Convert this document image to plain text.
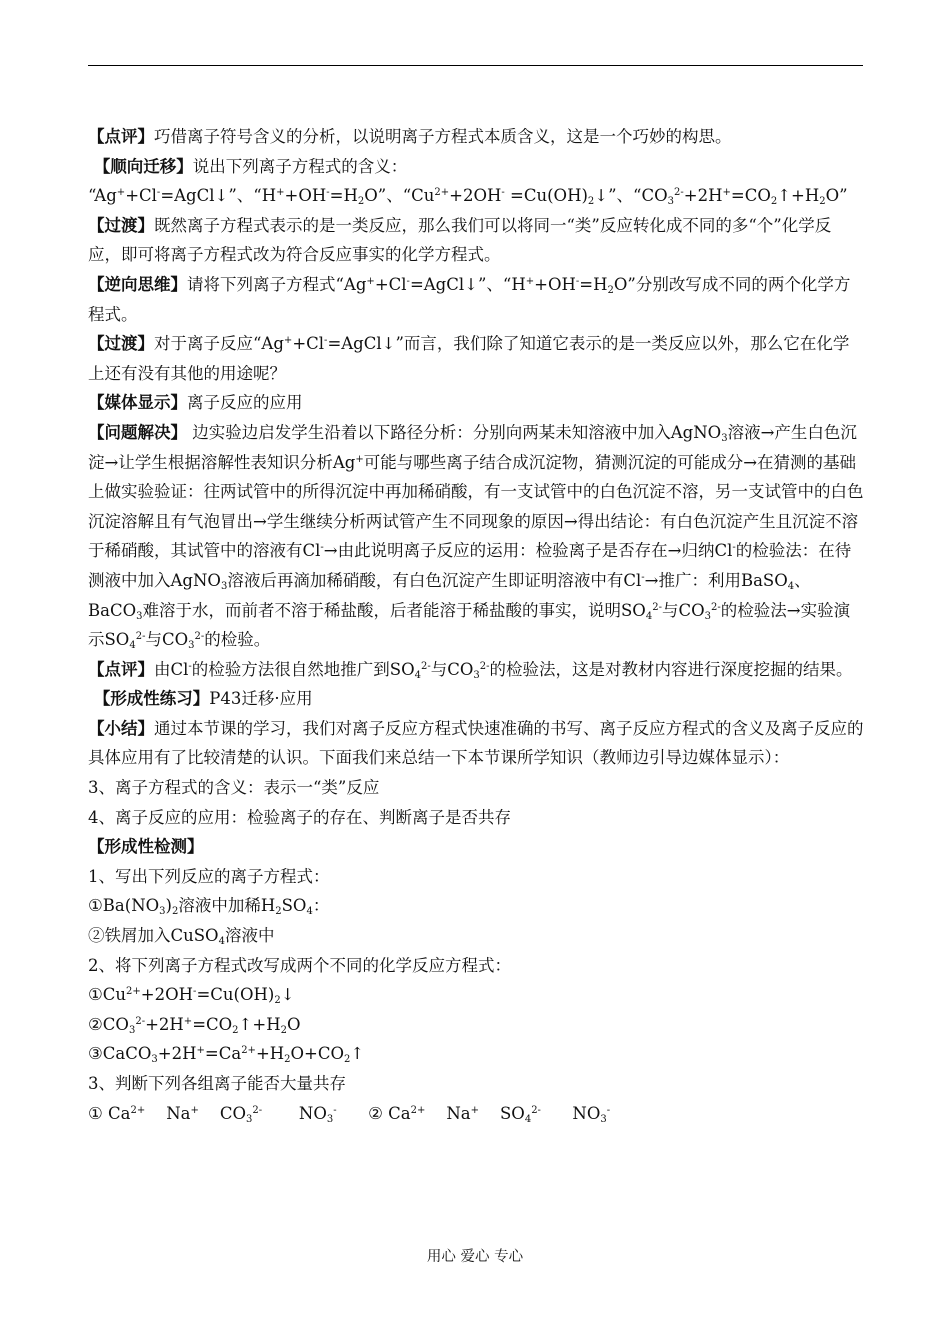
【点评】巧借离子符号含义的分析，以说明离子方程式本质含义，这是一个巧妙的构思。

【顺向迁移】说出下列离子方程式的含义：

“Ag++Cl-=AgCl↓”、“$H^++OH^-=H_2O$”、“$Cu^{2+}+2OH^-$ $=Cu(OH)_2↓$”、“$CO_3^{2-}+2H^+=CO_2↑+H_2O$”

【过渡】既然离子方程式表示的是一类反应，那么我们可以将同一“类”反应转化成不同的多“个”化学反应，即可将离子方程式改为符合反应事实的化学方程式。

【逆向思维】请将下列离子方程式“Ag++Cl-=AgCl↓”、“$H^++OH^-=H_2O$”分别改写成不同的两个化学方程式。

【过渡】对于离子反应“Ag++Cl-=AgCl↓”而言，我们除了知道它表示的是一类反应以外，那么它在化学上还有没有其他的用途呢？

【媒体显示】离子反应的应用

【问题解决】 边实验边启发学生沿着以下路径分析：分别向两某未知溶液中加入AgNO$_3$溶液→产生白色沉淀→让学生根据溶解性表知识分析Ag+可能与哪些离子结合成沉淀物，猜测沉淀的可能成分→在猜测的基础上做实验验证：往两试管中的所得沉淀中再加稀硝酸，有一支试管中的白色沉淀不溶，另一支试管中的白色沉淀溶解且有气泡冒出→学生继续分析两试管产生不同现象的原因→得出结论：有白色沉淀产生且沉淀不溶于稀硝酸，其试管中的溶液有Cl-→由此说明离子反应的运用：检验离子是否存在→归纳Cl-的检验法：在待测液中加入AgNO$_3$溶液后再滴加稀硝酸，有白色沉淀产生即证明溶液中有Cl-→推广：利用BaSO$_4$、BaCO$_3$难溶于水，而前者不溶于稀盐酸，后者能溶于稀盐酸的事实，说明$SO_4^{2-}$与$CO_3^{2-}$的检验法→实验演示$SO_4^{2-}$与$CO_3^{2-}$的检验。

【点评】由Cl-的检验方法很自然地推广到$SO_4^{2-}$与$CO_3^{2-}$的检验法，这是对教材内容进行深度挖掘的结果。

【形成性练习】P43迁移·应用

【小结】通过本节课的学习，我们对离子反应方程式快速准确的书写、离子反应方程式的含义及离子反应的具体应用有了比较清楚的认识。下面我们来总结一下本节课所学知识（教师边引导边媒体显示）：

3、离子方程式的含义：表示一“类”反应

4、离子反应的应用：检验离子的存在、判断离子是否共存

【形成性检测】

1、写出下列反应的离子方程式：

$①Ba(NO_3)_2$溶液中加稀$H_2SO_4$：

②铁屑加入CuSO$_4$溶液中

2、将下列离子方程式改写成两个不同的化学反应方程式：

$①Cu^{2+}+2OH^-=Cu(OH)_2↓$

$②CO_3^{2-}+2H^+=CO_2↑+H_2O$

$③CaCO_3+2H^+=Ca^{2+}+H_2O+CO_2↑$

3、判断下列各组离子能否大量共存

① $Ca^{2+}$    Na+    $CO_3^{2-}$       $NO_3^-$      ② $Ca^{2+}$    Na+    $SO_4^{2-}$      $NO_3^-$

用心 爱心 专心
